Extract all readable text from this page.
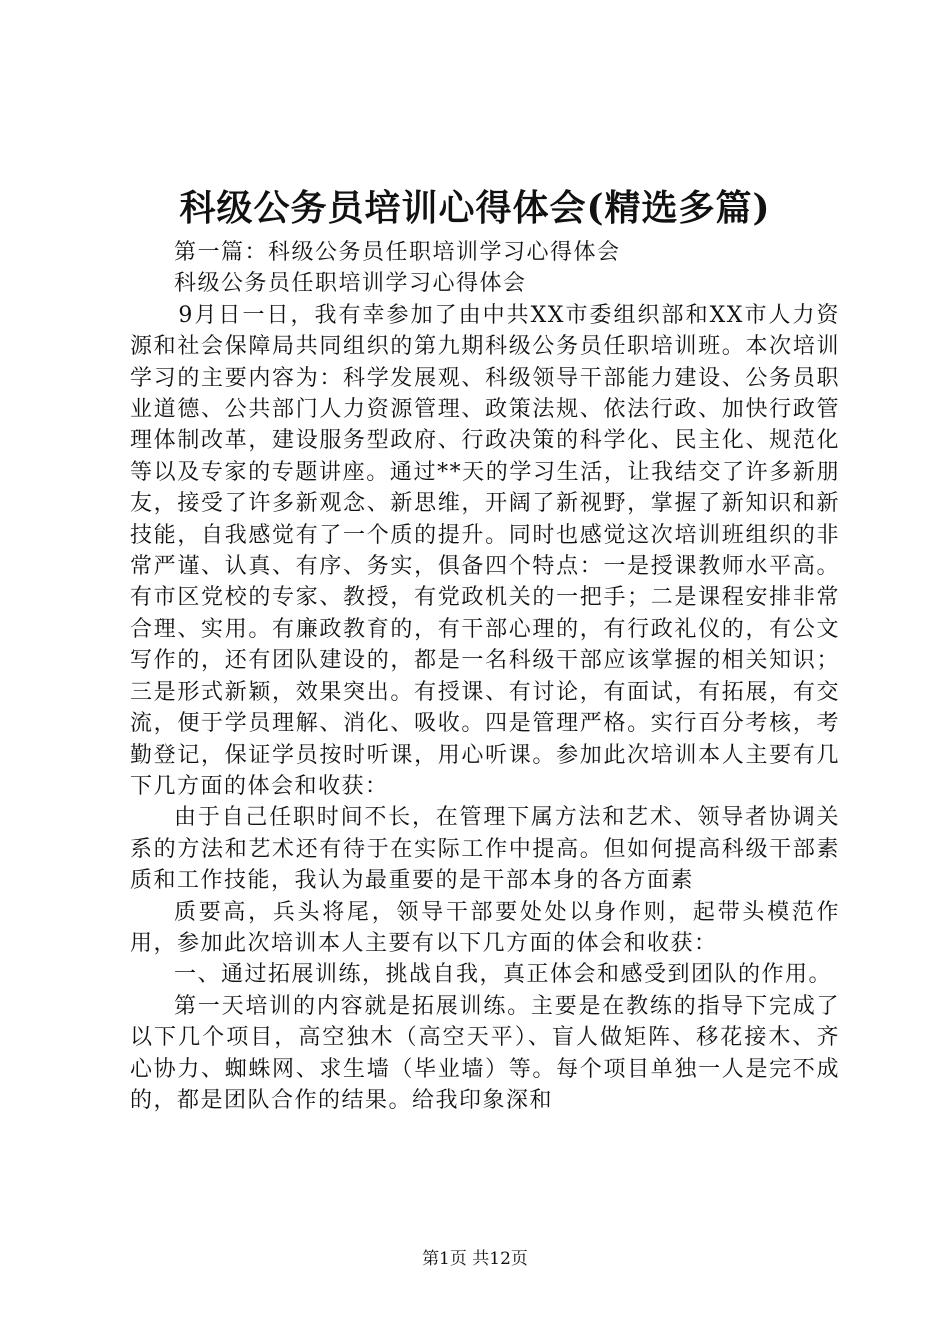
科级公务员培训心得体会(精选多篇)

第一篇：科级公务员任职培训学习心得体会

科级公务员任职培训学习心得体会

9月日一日，我有幸参加了由中共XX市委组织部和XX市人力资源和社会保障局共同组织的第九期科级公务员任职培训班。本次培训学习的主要内容为：科学发展观、科级领导干部能力建设、公务员职业道德、公共部门人力资源管理、政策法规、依法行政、加快行政管理体制改革，建设服务型政府、行政决策的科学化、民主化、规范化等以及专家的专题讲座。通过**天的学习生活，让我结交了许多新朋友，接受了许多新观念、新思维，开阔了新视野，掌握了新知识和新技能，自我感觉有了一个质的提升。同时也感觉这次培训班组织的非常严谨、认真、有序、务实，俱备四个特点：一是授课教师水平高。有市区党校的专家、教授，有党政机关的一把手；二是课程安排非常合理、实用。有廉政教育的，有干部心理的，有行政礼仪的，有公文写作的，还有团队建设的，都是一名科级干部应该掌握的相关知识；三是形式新颖，效果突出。有授课、有讨论，有面试，有拓展，有交流，便于学员理解、消化、吸收。四是管理严格。实行百分考核，考勤登记，保证学员按时听课，用心听课。参加此次培训本人主要有几下几方面的体会和收获：

由于自己任职时间不长，在管理下属方法和艺术、领导者协调关系的方法和艺术还有待于在实际工作中提高。但如何提高科级干部素质和工作技能，我认为最重要的是干部本身的各方面素

质要高，兵头将尾，领导干部要处处以身作则，起带头模范作用，参加此次培训本人主要有以下几方面的体会和收获：

一、通过拓展训练，挑战自我，真正体会和感受到团队的作用。

第一天培训的内容就是拓展训练。主要是在教练的指导下完成了以下几个项目，高空独木（高空天平）、盲人做矩阵、移花接木、齐心协力、蜘蛛网、求生墙（毕业墙）等。每个项目单独一人是完不成的，都是团队合作的结果。给我印象深和

第1页 共12页
